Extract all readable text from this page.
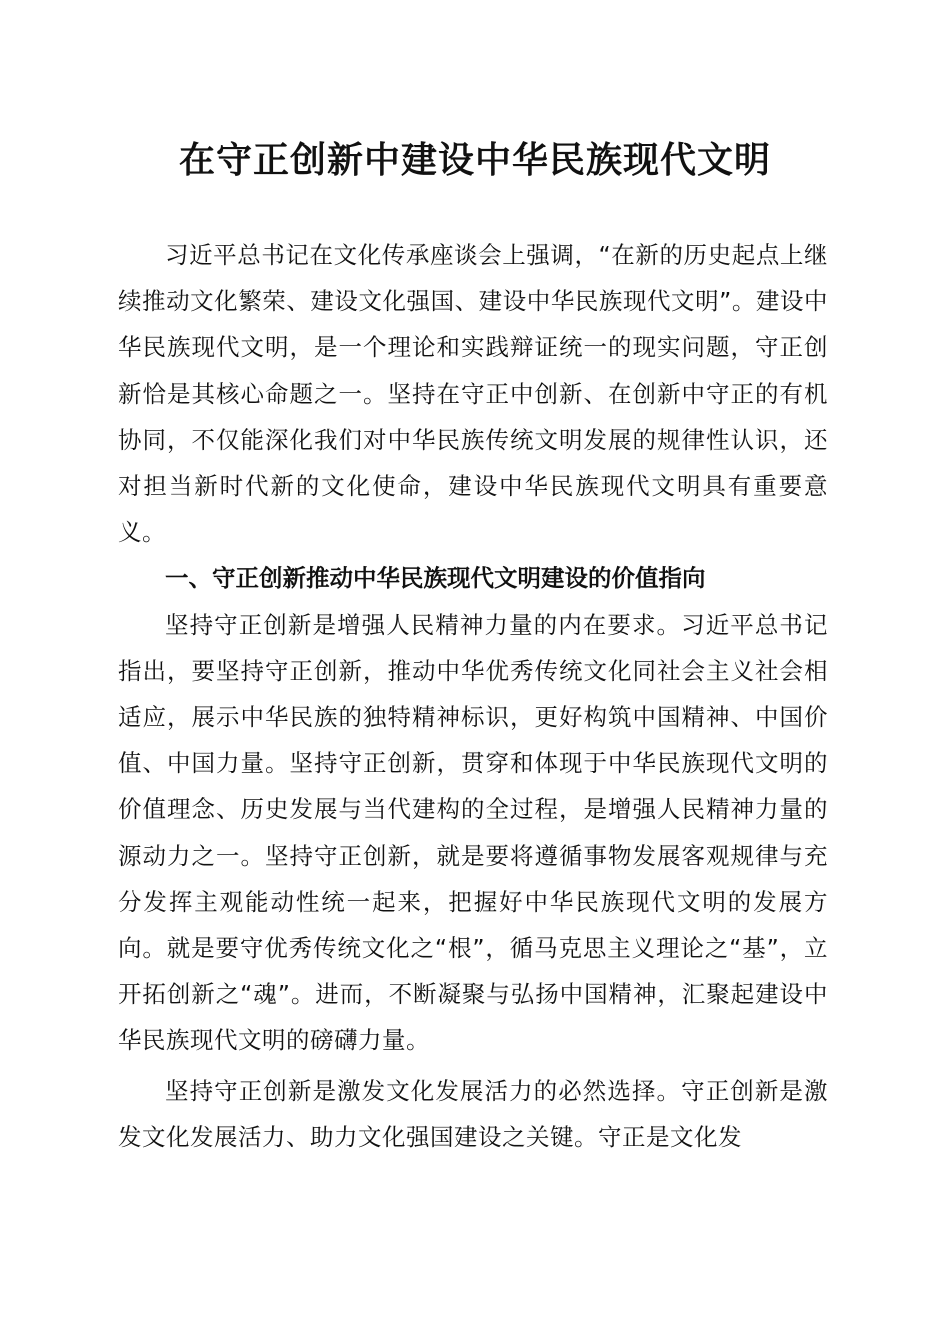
在守正创新中建设中华民族现代文明

习近平总书记在文化传承座谈会上强调，“在新的历史起点上继续推动文化繁荣、建设文化强国、建设中华民族现代文明”。建设中华民族现代文明，是一个理论和实践辩证统一的现实问题，守正创新恰是其核心命题之一。坚持在守正中创新、在创新中守正的有机协同，不仅能深化我们对中华民族传统文明发展的规律性认识，还对担当新时代新的文化使命，建设中华民族现代文明具有重要意义。

一、守正创新推动中华民族现代文明建设的价值指向

坚持守正创新是增强人民精神力量的内在要求。习近平总书记指出，要坚持守正创新，推动中华优秀传统文化同社会主义社会相适应，展示中华民族的独特精神标识，更好构筑中国精神、中国价值、中国力量。坚持守正创新，贯穿和体现于中华民族现代文明的价值理念、历史发展与当代建构的全过程，是增强人民精神力量的源动力之一。坚持守正创新，就是要将遵循事物发展客观规律与充分发挥主观能动性统一起来，把握好中华民族现代文明的发展方向。就是要守优秀传统文化之“根”，循马克思主义理论之“基”，立开拓创新之“魂”。进而，不断凝聚与弘扬中国精神，汇聚起建设中华民族现代文明的磅礴力量。

坚持守正创新是激发文化发展活力的必然选择。守正创新是激发文化发展活力、助力文化强国建设之关键。守正是文化发
